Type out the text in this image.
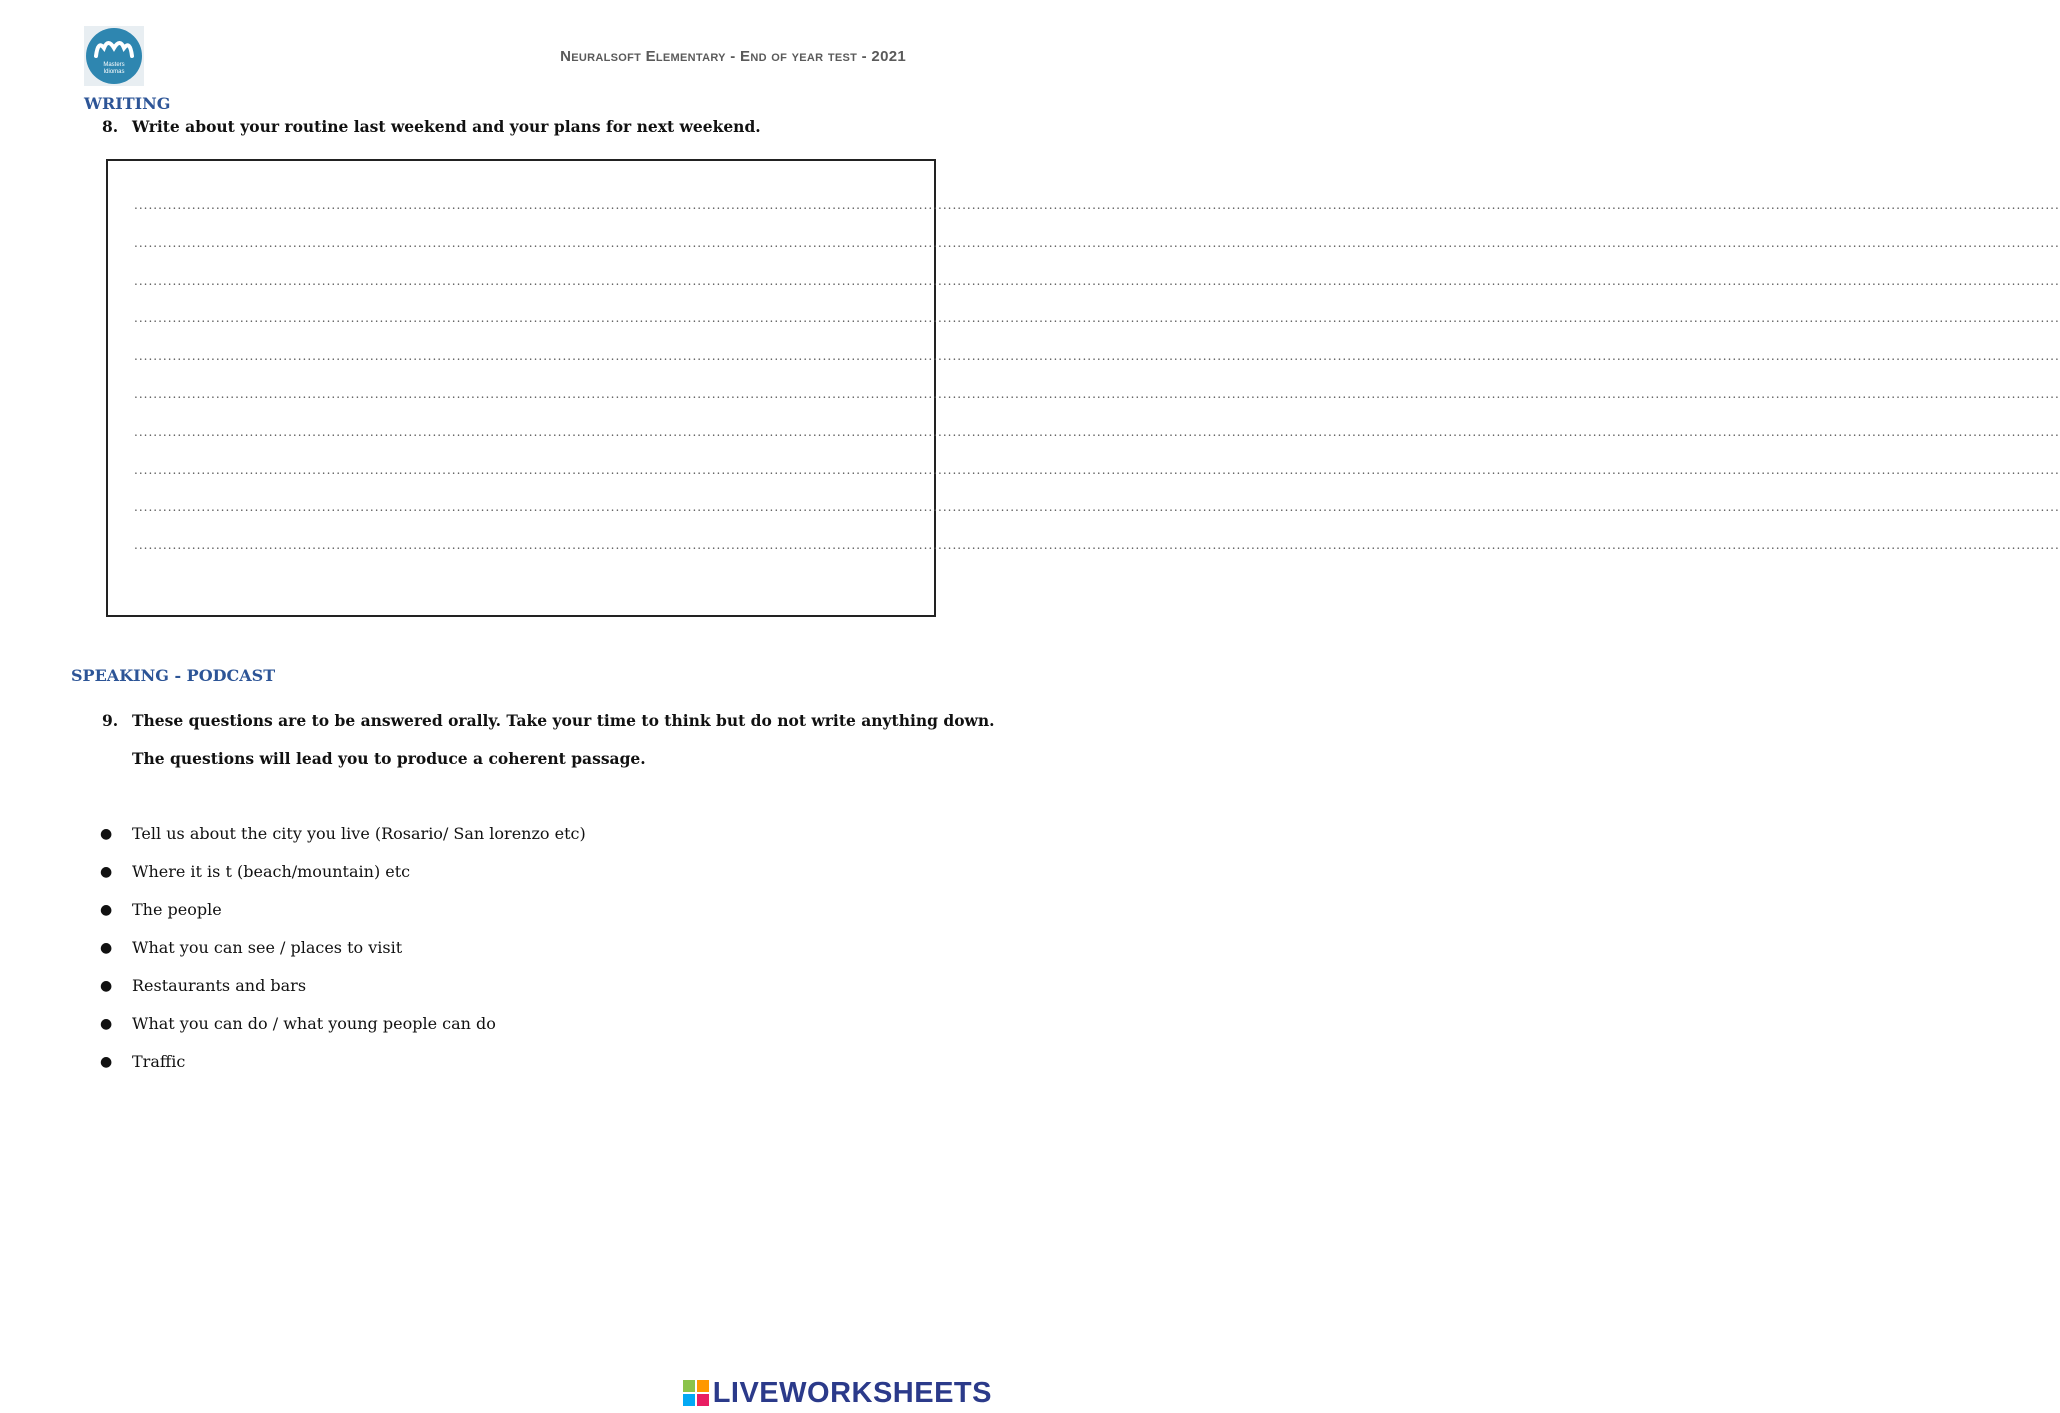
Masters
Idiomas
Neuralsoft Elementary - End of year test - 2021
WRITING
8. Write about your routine last weekend and your plans for next weekend.
................................................................................................................................................................................................................................................................................................................................................................................................................
................................................................................................................................................................................................................................................................................................................................................................................................................
................................................................................................................................................................................................................................................................................................................................................................................................................
................................................................................................................................................................................................................................................................................................................................................................................................................
................................................................................................................................................................................................................................................................................................................................................................................................................
................................................................................................................................................................................................................................................................................................................................................................................................................
................................................................................................................................................................................................................................................................................................................................................................................................................
................................................................................................................................................................................................................................................................................................................................................................................................................
................................................................................................................................................................................................................................................................................................................................................................................................................
................................................................................................................................................................................................................................................................................................................................................................................................................
SPEAKING - PODCAST
9. These questions are to be answered orally. Take your time to think but do not write anything down.
The questions will lead you to produce a coherent passage.
● Tell us about the city you live (Rosario/ San lorenzo etc)
● Where it is t (beach/mountain) etc
● The people
● What you can see / places to visit
● Restaurants and bars
● What you can do / what young people can do
● Traffic
LIVEWORKSHEETS
